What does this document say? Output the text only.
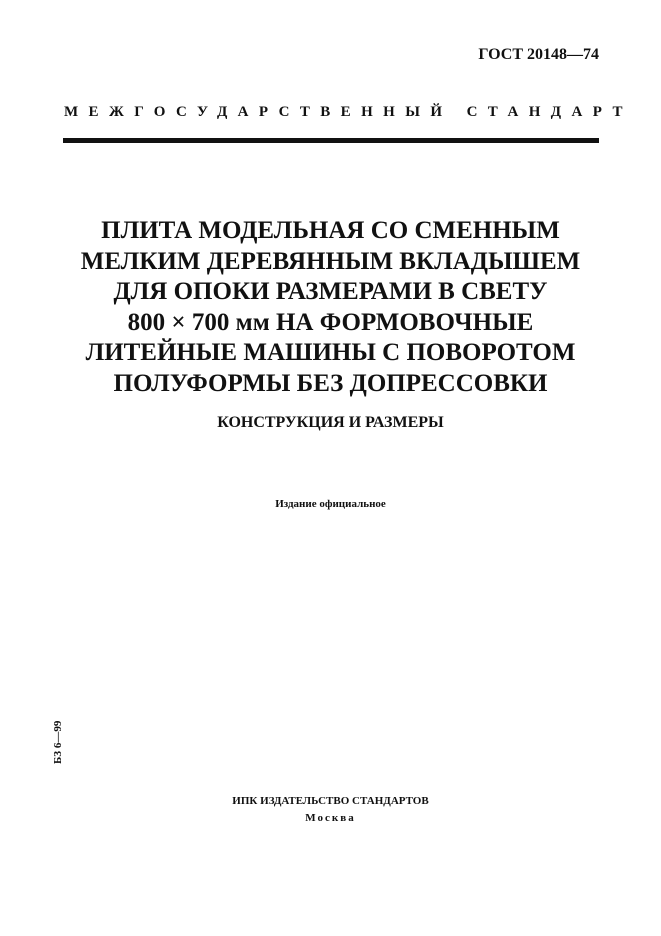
ГОСТ 20148—74
МЕЖГОСУДАРСТВЕННЫЙ СТАНДАРТ
ПЛИТА МОДЕЛЬНАЯ СО СМЕННЫМ
МЕЛКИМ ДЕРЕВЯННЫМ ВКЛАДЫШЕМ
ДЛЯ ОПОКИ РАЗМЕРАМИ В СВЕТУ
800 × 700 мм НА ФОРМОВОЧНЫЕ
ЛИТЕЙНЫЕ МАШИНЫ С ПОВОРОТОМ
ПОЛУФОРМЫ БЕЗ ДОПРЕССОВКИ
КОНСТРУКЦИЯ И РАЗМЕРЫ
Издание официальное
БЗ 6—99
ИПК ИЗДАТЕЛЬСТВО СТАНДАРТОВ
Москва
